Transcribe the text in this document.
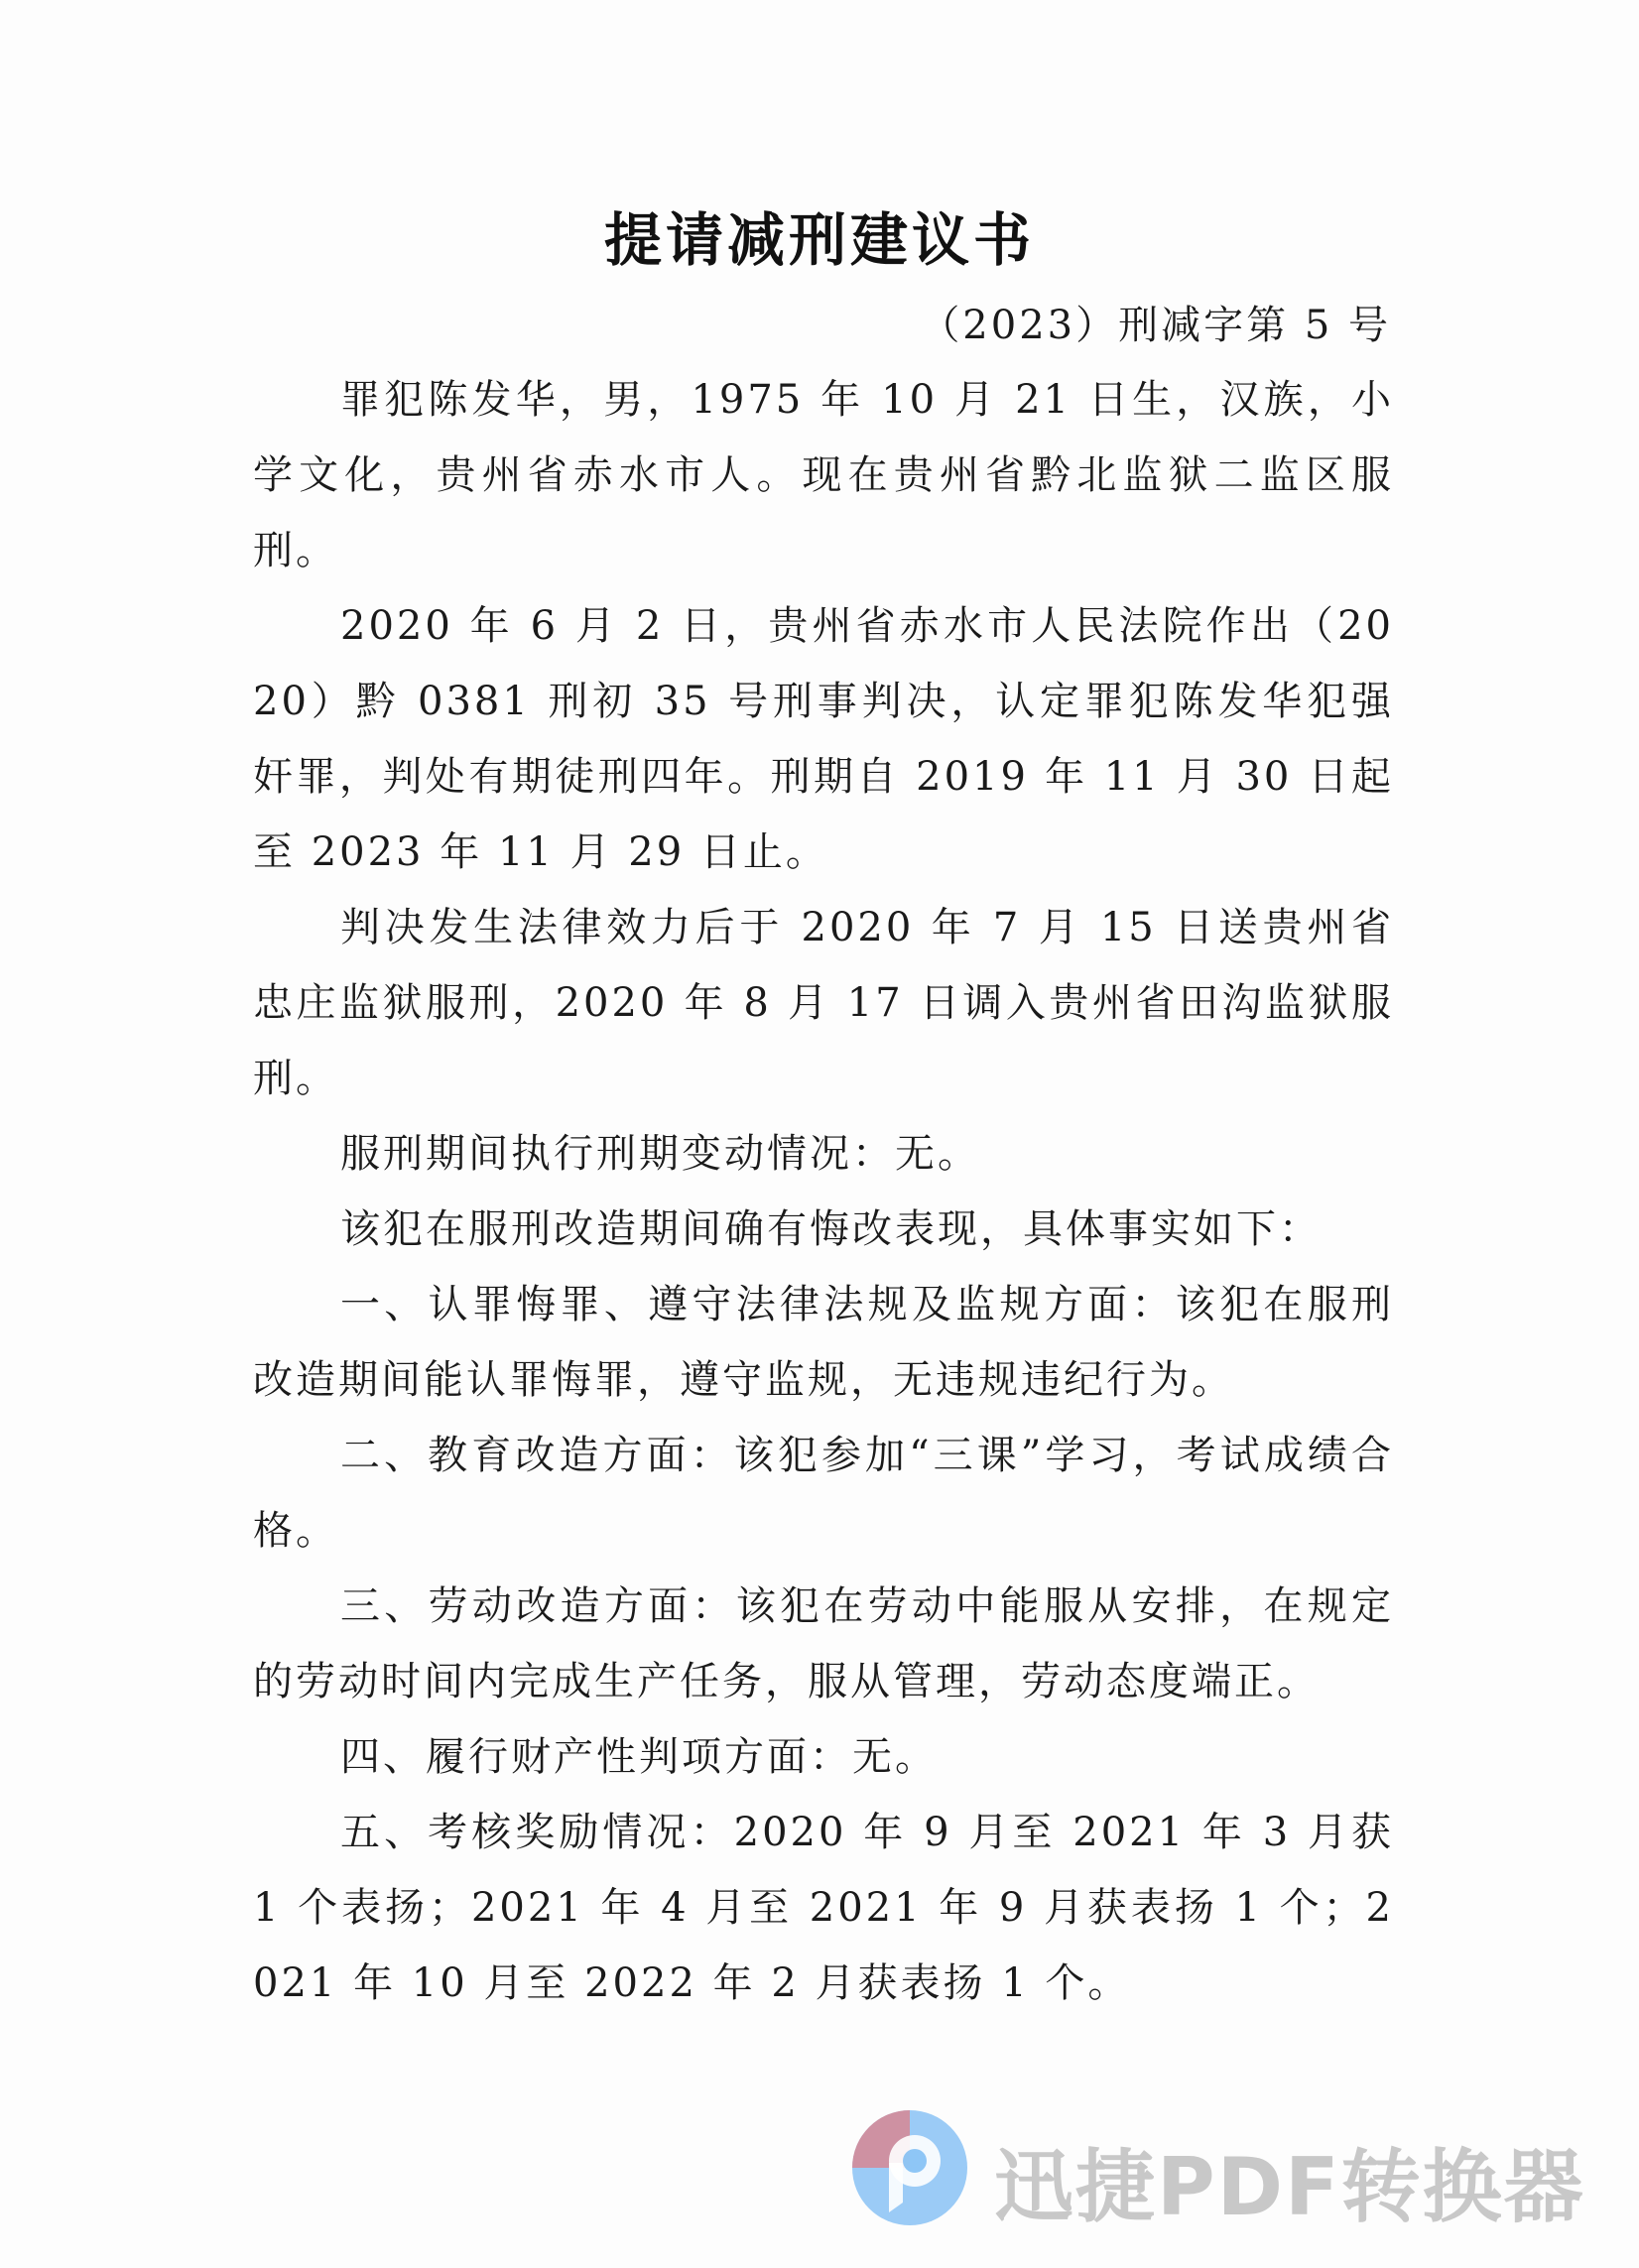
提请减刑建议书
（2023）刑减字第 5 号

罪犯陈发华，男，1975 年 10 月 21 日生，汉族，小学文化，贵州省赤水市人。现在贵州省黔北监狱二监区服刑。

2020 年 6 月 2 日，贵州省赤水市人民法院作出（2020）黔 0381 刑初 35 号刑事判决，认定罪犯陈发华犯强奸罪，判处有期徒刑四年。刑期自 2019 年 11 月 30 日起至 2023 年 11 月 29 日止。

判决发生法律效力后于 2020 年 7 月 15 日送贵州省忠庄监狱服刑，2020 年 8 月 17 日调入贵州省田沟监狱服刑。

服刑期间执行刑期变动情况：无。

该犯在服刑改造期间确有悔改表现，具体事实如下：

一、认罪悔罪、遵守法律法规及监规方面：该犯在服刑改造期间能认罪悔罪，遵守监规，无违规违纪行为。

二、教育改造方面：该犯参加“三课”学习，考试成绩合格。

三、劳动改造方面：该犯在劳动中能服从安排，在规定的劳动时间内完成生产任务，服从管理，劳动态度端正。

四、履行财产性判项方面：无。

五、考核奖励情况：2020 年 9 月至 2021 年 3 月获 1 个表扬；2021 年 4 月至 2021 年 9 月获表扬 1 个；2021 年 10 月至 2022 年 2 月获表扬 1 个。

迅捷PDF转换器
